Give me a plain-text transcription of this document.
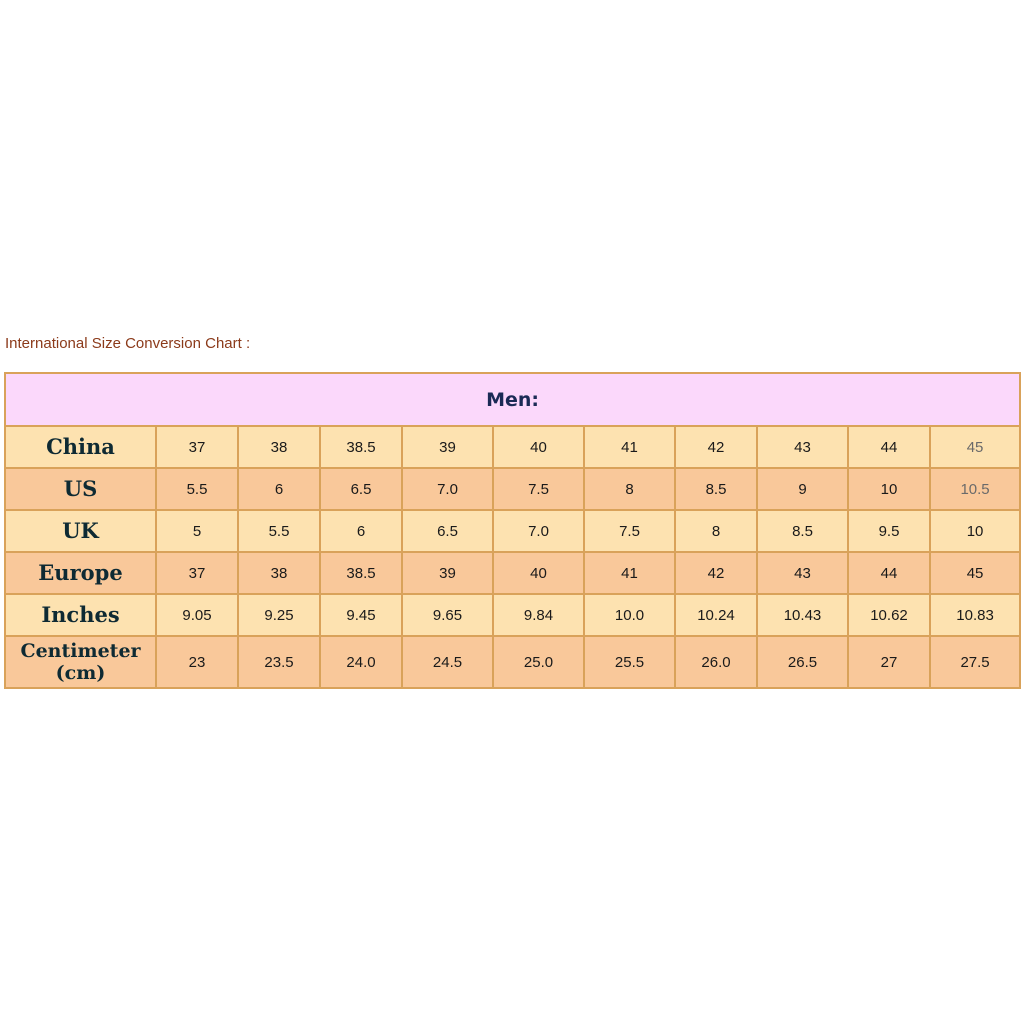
International Size Conversion Chart :
Men:										
China	37	38	38.5	39	40	41	42	43	44	45
US	5.5	6	6.5	7.0	7.5	8	8.5	9	10	10.5
UK	5	5.5	6	6.5	7.0	7.5	8	8.5	9.5	10
Europe	37	38	38.5	39	40	41	42	43	44	45
Inches	9.05	9.25	9.45	9.65	9.84	10.0	10.24	10.43	10.62	10.83
Centimeter
(cm)	23	23.5	24.0	24.5	25.0	25.5	26.0	26.5	27	27.5
